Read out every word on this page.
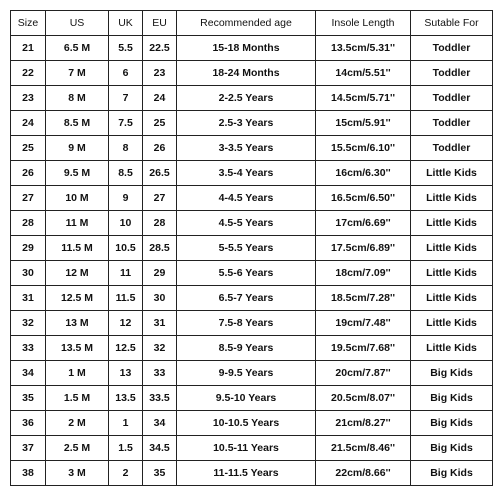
Size	US	UK	EU	Recommended age	Insole Length	Sutable For
21	6.5 M	5.5	22.5	15-18 Months	13.5cm/5.31''	Toddler
22	7 M	6	23	18-24 Months	14cm/5.51''	Toddler
23	8 M	7	24	2-2.5 Years	14.5cm/5.71''	Toddler
24	8.5 M	7.5	25	2.5-3 Years	15cm/5.91''	Toddler
25	9 M	8	26	3-3.5 Years	15.5cm/6.10''	Toddler
26	9.5 M	8.5	26.5	3.5-4 Years	16cm/6.30''	Little Kids
27	10 M	9	27	4-4.5 Years	16.5cm/6.50''	Little Kids
28	11 M	10	28	4.5-5 Years	17cm/6.69''	Little Kids
29	11.5 M	10.5	28.5	5-5.5 Years	17.5cm/6.89''	Little Kids
30	12 M	11	29	5.5-6 Years	18cm/7.09''	Little Kids
31	12.5 M	11.5	30	6.5-7 Years	18.5cm/7.28''	Little Kids
32	13 M	12	31	7.5-8 Years	19cm/7.48''	Little Kids
33	13.5 M	12.5	32	8.5-9 Years	19.5cm/7.68''	Little Kids
34	1 M	13	33	9-9.5 Years	20cm/7.87''	Big Kids
35	1.5 M	13.5	33.5	9.5-10 Years	20.5cm/8.07''	Big Kids
36	2 M	1	34	10-10.5 Years	21cm/8.27''	Big Kids
37	2.5 M	1.5	34.5	10.5-11 Years	21.5cm/8.46''	Big Kids
38	3 M	2	35	11-11.5 Years	22cm/8.66''	Big Kids
